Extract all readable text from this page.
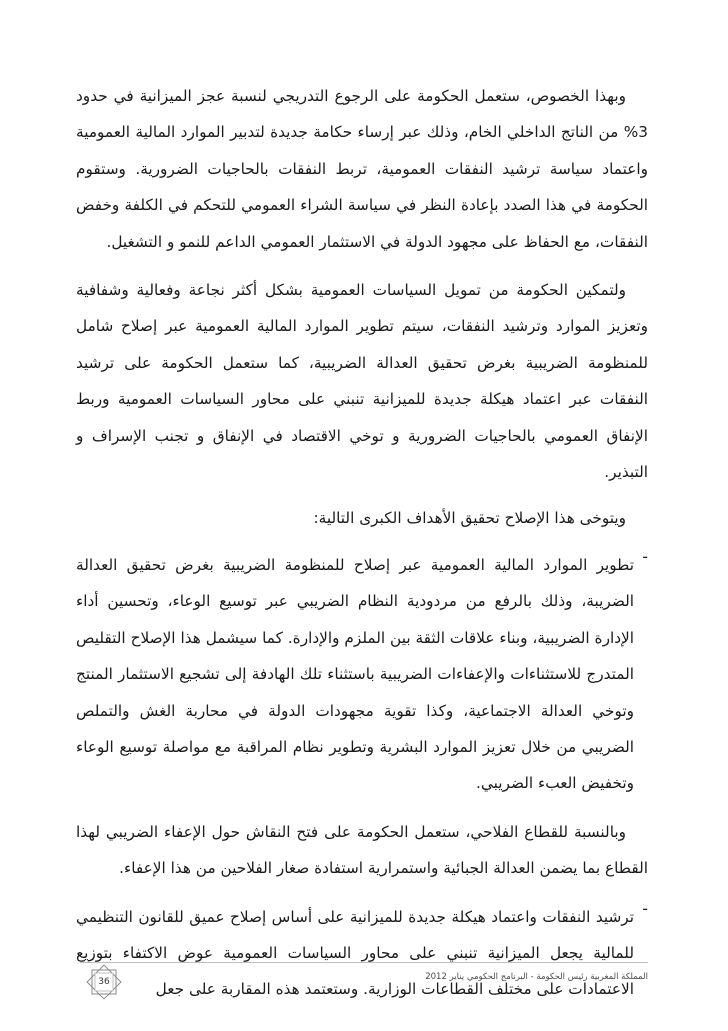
وبهذا الخصوص، ستعمل الحكومة على الرجوع التدريجي لنسبة عجز الميزانية في حدود 3% من الناتج الداخلي الخام، وذلك عبر إرساء حكامة جديدة لتدبير الموارد المالية العمومية واعتماد سياسة ترشيد النفقات العمومية، تربط النفقات بالحاجيات الضرورية. وستقوم الحكومة في هذا الصدد بإعادة النظر في سياسة الشراء العمومي للتحكم في الكلفة وخفض النفقات، مع الحفاظ على مجهود الدولة في الاستثمار العمومي الداعم للنمو و التشغيل.

ولتمكين الحكومة من تمويل السياسات العمومية بشكل أكثر نجاعة وفعالية وشفافية وتعزيز الموارد وترشيد النفقات، سيتم تطوير الموارد المالية العمومية عبر إصلاح شامل للمنظومة الضريبية بغرض تحقيق العدالة الضريبية، كما ستعمل الحكومة على ترشيد النفقات عبر اعتماد هيكلة جديدة للميزانية تنبني على محاور السياسات العمومية وربط الإنفاق العمومي بالحاجيات الضرورية و توخي الاقتصاد في الإنفاق و تجنب الإسراف و التبذير.

ويتوخى هذا الإصلاح تحقيق الأهداف الكبرى التالية:

-

تطوير الموارد المالية العمومية عبر إصلاح للمنظومة الضريبية بغرض تحقيق العدالة الضريبة، وذلك بالرفع من مردودية النظام الضريبي عبر توسيع الوعاء، وتحسين أداء الإدارة الضريبية، وبناء علاقات الثقة بين الملزم والإدارة. كما سيشمل هذا الإصلاح التقليص المتدرج للاستثناءات والإعفاءات الضريبية باستثناء تلك الهادفة إلى تشجيع الاستثمار المنتج وتوخي العدالة الاجتماعية، وكذا تقوية مجهودات الدولة في محاربة الغش والتملص الضريبي من خلال تعزيز الموارد البشرية وتطوير نظام المراقبة مع مواصلة توسيع الوعاء وتخفيض العبء الضريبي.

وبالنسبة للقطاع الفلاحي، ستعمل الحكومة على فتح النقاش حول الإعفاء الضريبي لهذا القطاع بما يضمن العدالة الجبائية واستمرارية استفادة صغار الفلاحين من هذا الإعفاء.

-

ترشيد النفقات واعتماد هيكلة جديدة للميزانية على أساس إصلاح عميق للقانون التنظيمي للمالية يجعل الميزانية تنبني على محاور السياسات العمومية عوض الاكتفاء بتوزيع الاعتمادات على مختلف القطاعات الوزارية. وستعتمد هذه المقاربة على جعل

المملكة المغربية رئيس الحكومة - البرنامج الحكومي يناير 2012
36
